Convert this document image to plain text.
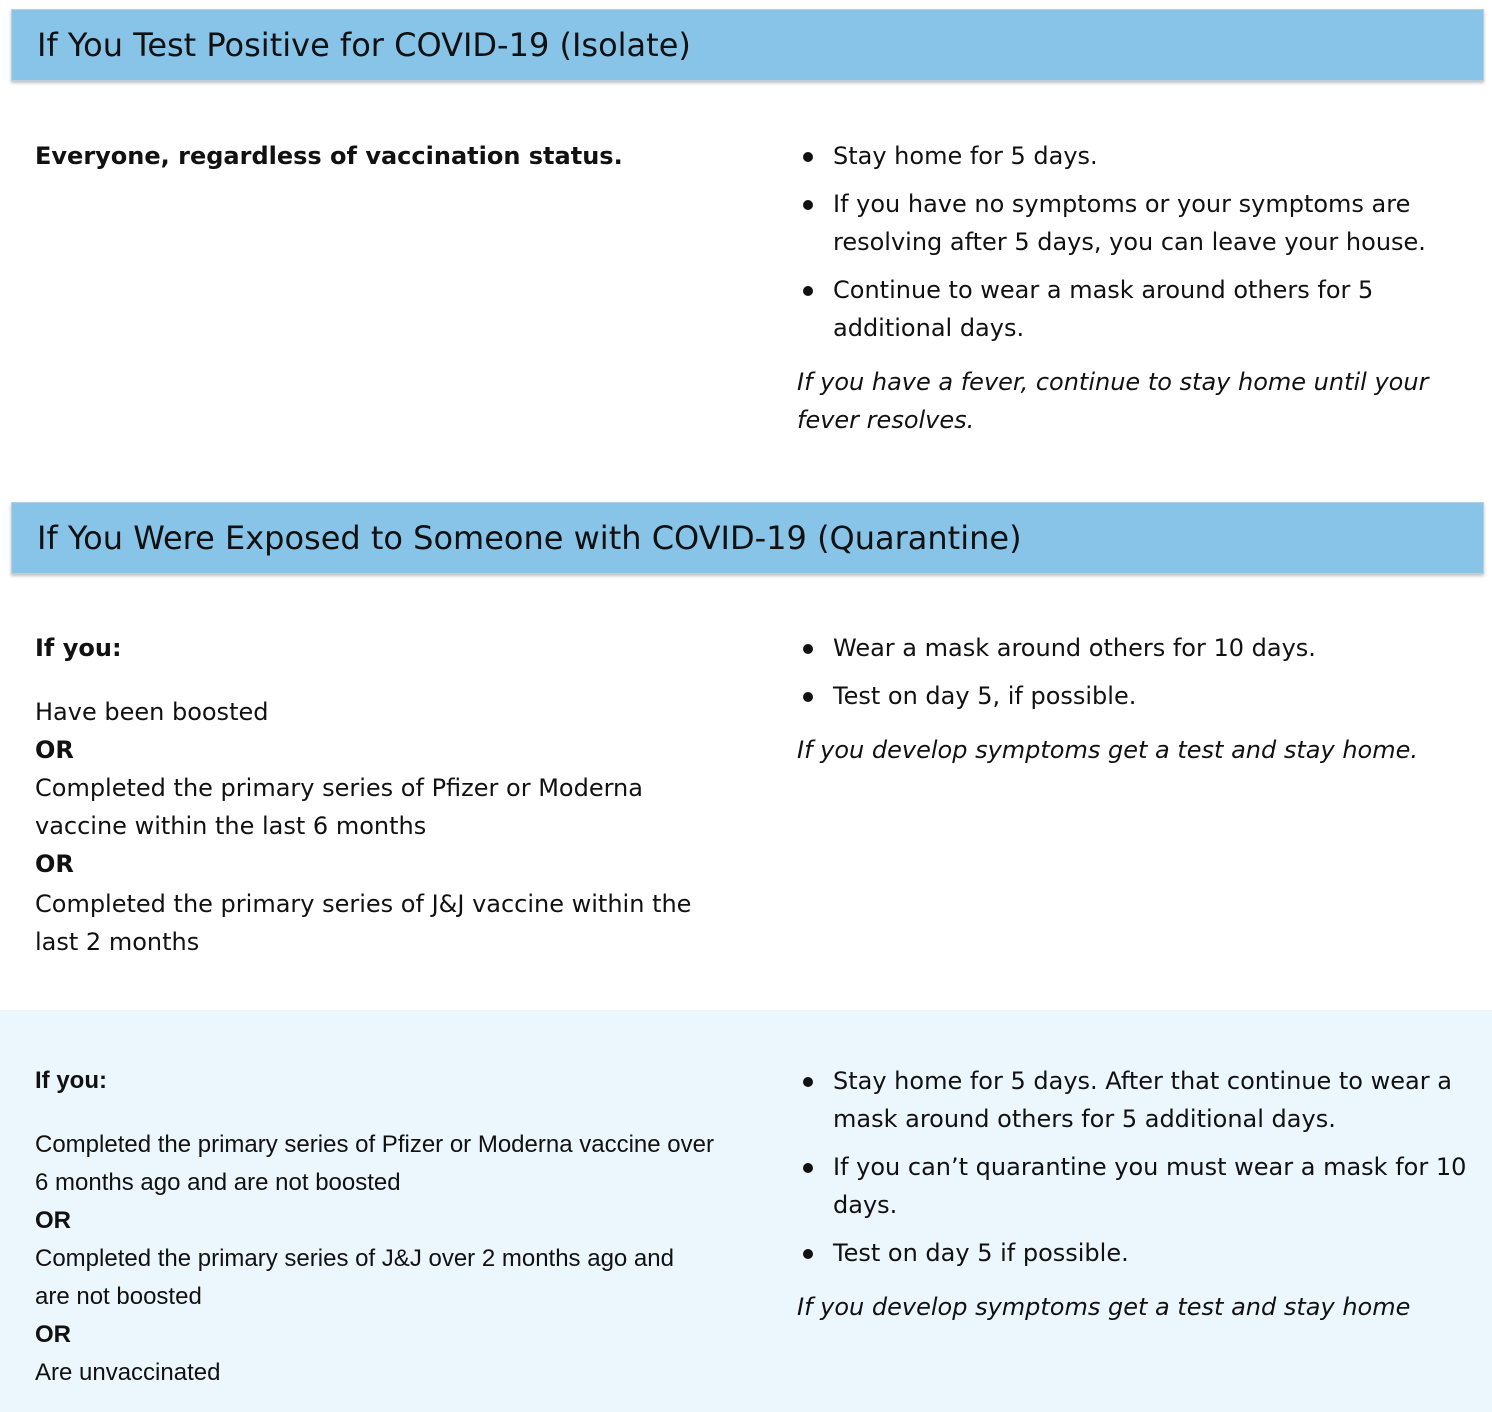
If You Test Positive for COVID-19 (Isolate)

Everyone, regardless of vaccination status.	Stay home for 5 days.
If you have no symptoms or your symptoms are resolving after 5 days, you can leave your house.
Continue to wear a mask around others for 5 additional days.

If you have a fever, continue to stay home until your fever resolves.

If You Were Exposed to Someone with COVID-19 (Quarantine)

If you:

Have been boosted

OR

Completed the primary series of Pfizer or Moderna vaccine within the last 6 months

OR

Completed the primary series of J&J vaccine within the last 2 months

Wear a mask around others for 10 days.
Test on day 5, if possible.

If you develop symptoms get a test and stay home.

If you:

Completed the primary series of Pfizer or Moderna vaccine over 6 months ago and are not boosted

OR

Completed the primary series of J&J over 2 months ago and are not boosted

OR

Are unvaccinated

Stay home for 5 days. After that continue to wear a mask around others for 5 additional days.
If you can’t quarantine you must wear a mask for 10 days.
Test on day 5 if possible.

If you develop symptoms get a test and stay home
